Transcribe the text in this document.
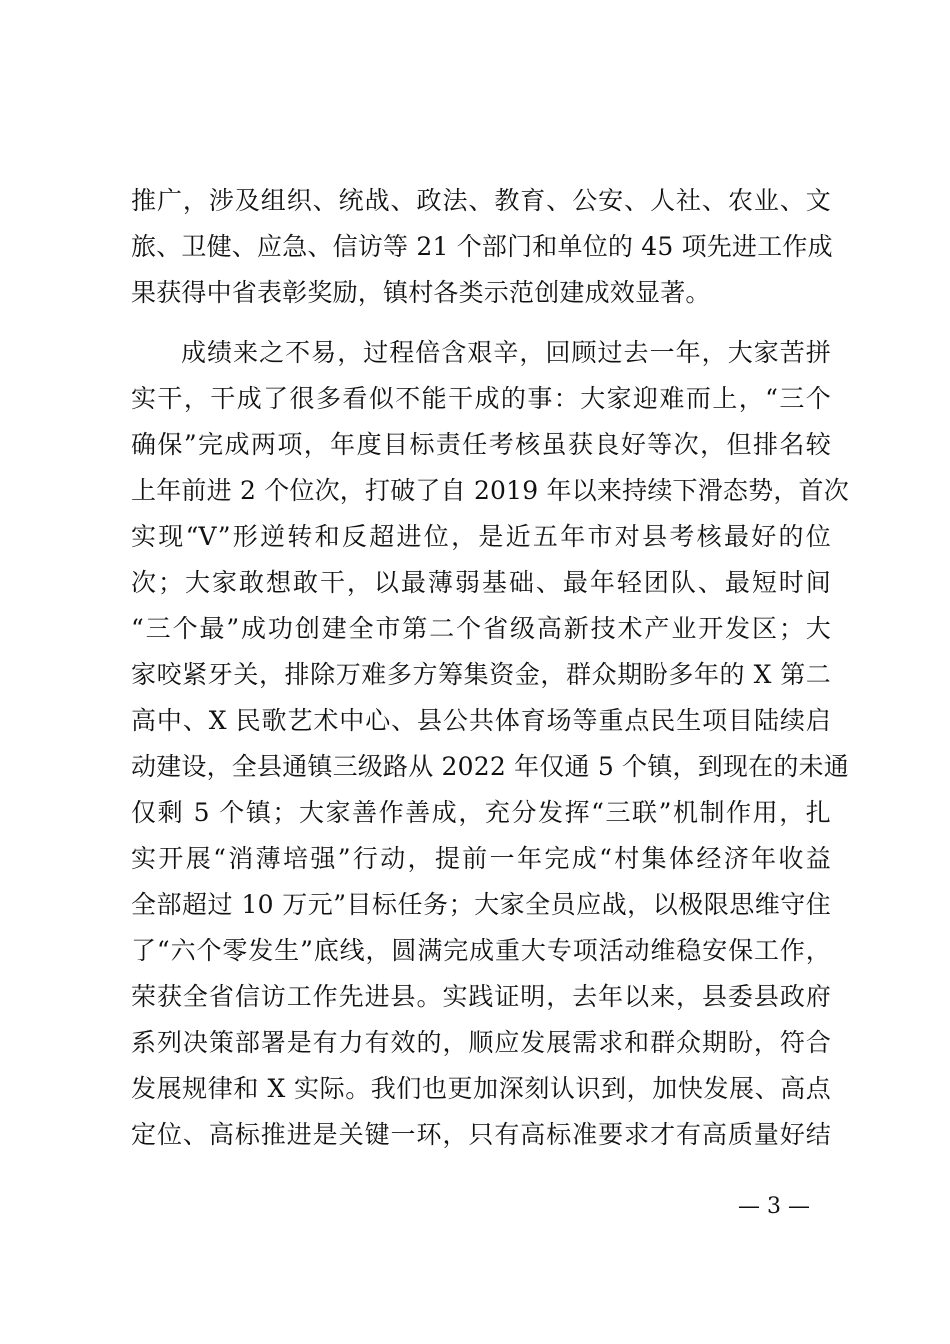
推广，涉及组织、统战、政法、教育、公安、人社、农业、文
旅、卫健、应急、信访等 21 个部门和单位的 45 项先进工作成
果获得中省表彰奖励，镇村各类示范创建成效显著。
成绩来之不易，过程倍含艰辛，回顾过去一年，大家苦拼
实干，干成了很多看似不能干成的事：大家迎难而上，“三个
确保”完成两项，年度目标责任考核虽获良好等次，但排名较
上年前进 2 个位次，打破了自 2019 年以来持续下滑态势，首次
实现“V”形逆转和反超进位，是近五年市对县考核最好的位
次；大家敢想敢干，以最薄弱基础、最年轻团队、最短时间
“三个最”成功创建全市第二个省级高新技术产业开发区；大
家咬紧牙关，排除万难多方筹集资金，群众期盼多年的 X 第二
高中、X 民歌艺术中心、县公共体育场等重点民生项目陆续启
动建设，全县通镇三级路从 2022 年仅通 5 个镇，到现在的未通
仅剩 5 个镇；大家善作善成，充分发挥“三联”机制作用，扎
实开展“消薄培强”行动，提前一年完成“村集体经济年收益
全部超过 10 万元”目标任务；大家全员应战，以极限思维守住
了“六个零发生”底线，圆满完成重大专项活动维稳安保工作，
荣获全省信访工作先进县。实践证明，去年以来，县委县政府
系列决策部署是有力有效的，顺应发展需求和群众期盼，符合
发展规律和 X 实际。我们也更加深刻认识到，加快发展、高点
定位、高标推进是关键一环，只有高标准要求才有高质量好结
— 3 —
